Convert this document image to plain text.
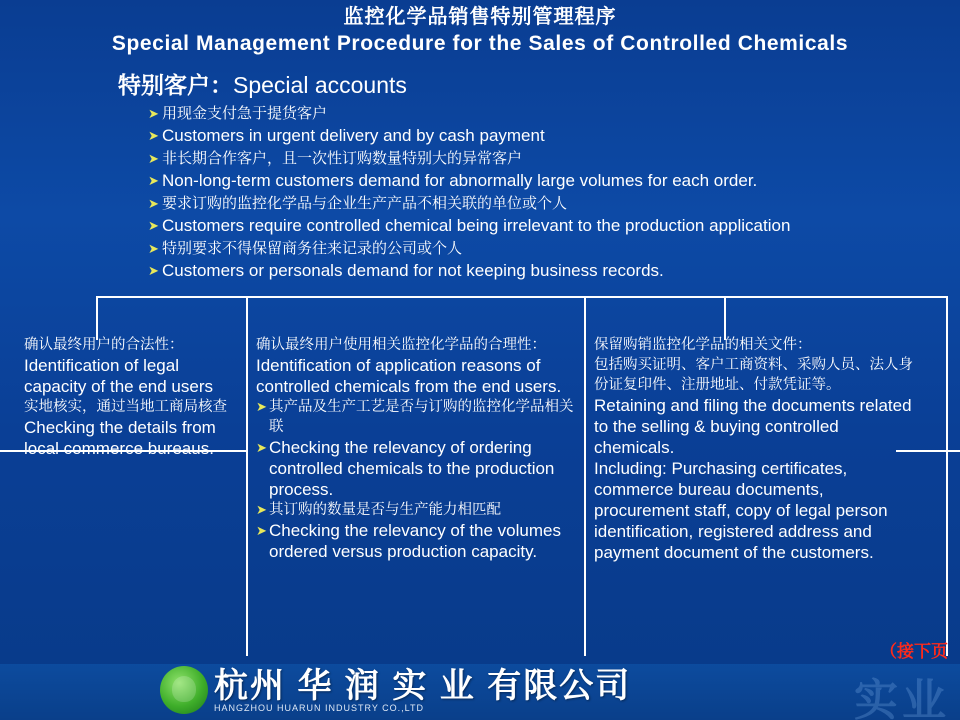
监控化学品销售特别管理程序
Special Management Procedure for the Sales of Controlled Chemicals
特别客户：Special accounts
➤ 用现金支付急于提货客户
➤ Customers in urgent delivery and by cash payment
➤ 非长期合作客户，且一次性订购数量特别大的异常客户
➤ Non-long-term customers demand for abnormally large volumes for each order.
➤ 要求订购的监控化学品与企业生产产品不相关联的单位或个人
➤ Customers require controlled chemical being irrelevant to the production application
➤ 特别要求不得保留商务往来记录的公司或个人
➤ Customers or personals demand for not keeping business records.
确认最终用户的合法性：
Identification of legal capacity of the end users
实地核实，通过当地工商局核查
Checking the details from local commerce bureaus.
确认最终用户使用相关监控化学品的合理性：
Identification of application reasons of controlled chemicals from the end users.
➤ 其产品及生产工艺是否与订购的监控化学品相关联
➤ Checking the relevancy of ordering controlled chemicals to the production process.
➤ 其订购的数量是否与生产能力相匹配
➤ Checking the relevancy of the volumes ordered versus production capacity.
保留购销监控化学品的相关文件：
包括购买证明、客户工商资料、采购人员、法人身份证复印件、注册地址、付款凭证等。
Retaining and filing the documents related to the selling & buying controlled chemicals.
Including: Purchasing certificates, commerce bureau documents, procurement staff, copy of legal person identification, registered address and payment document of the customers.
（接下页
实业
杭州 华 润 实 业 有限公司
HANGZHOU HUARUN INDUSTRY CO.,LTD
